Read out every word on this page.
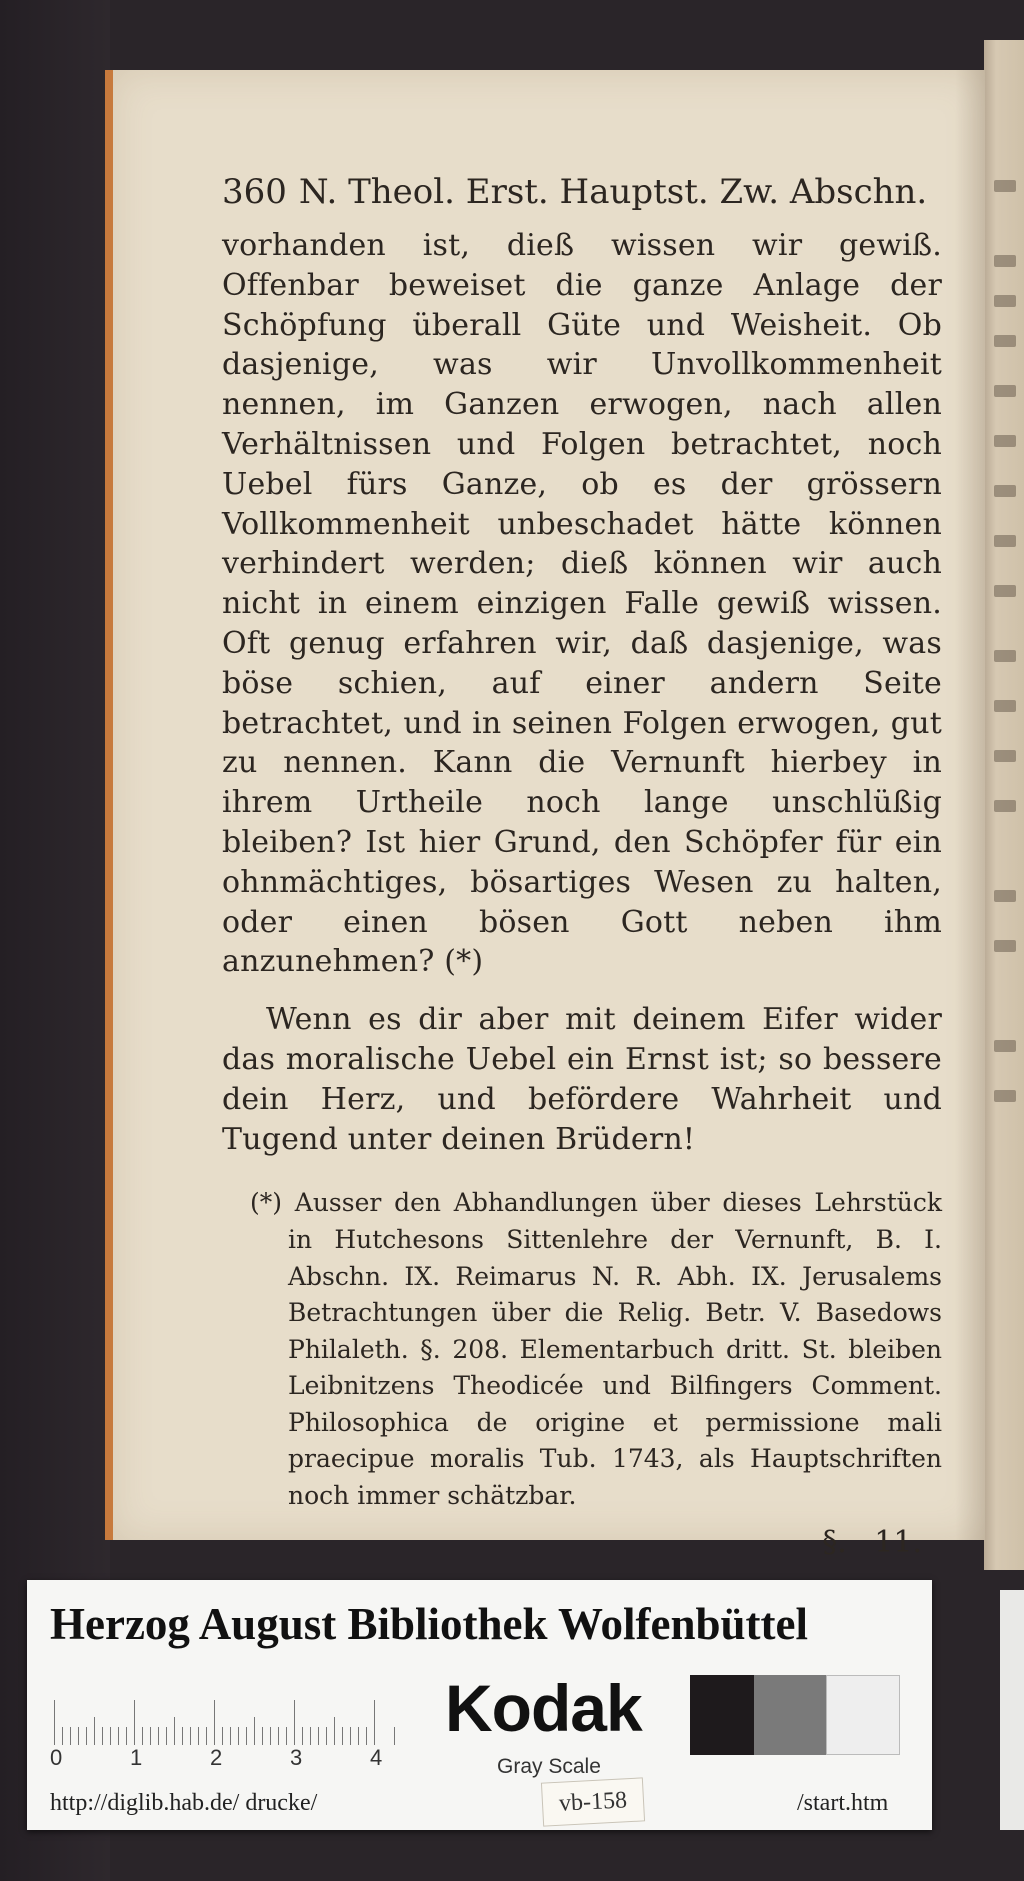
360 N. Theol. Erst. Hauptst. Zw. Abschn.
vorhanden ist, dieß wissen wir gewiß. Offenbar beweiset die ganze Anlage der Schöpfung überall Güte und Weisheit. Ob dasjenige, was wir Unvollkommenheit nennen, im Ganzen erwogen, nach allen Verhältnissen und Folgen betrachtet, noch Uebel fürs Ganze, ob es der grössern Vollkommenheit unbeschadet hätte können verhindert werden; dieß können wir auch nicht in einem einzigen Falle gewiß wissen. Oft genug erfahren wir, daß dasjenige, was böse schien, auf einer andern Seite betrachtet, und in seinen Folgen erwogen, gut zu nennen. Kann die Vernunft hierbey in ihrem Urtheile noch lange unschlüßig bleiben? Ist hier Grund, den Schöpfer für ein ohnmächtiges, bösartiges Wesen zu halten, oder einen bösen Gott neben ihm anzunehmen? (*)
Wenn es dir aber mit deinem Eifer wider das moralische Uebel ein Ernst ist; so bessere dein Herz, und befördere Wahrheit und Tugend unter deinen Brüdern!
(*) Ausser den Abhandlungen über dieses Lehrstück in Hutchesons Sittenlehre der Vernunft, B. I. Abschn. IX. Reimarus N. R. Abh. IX. Jerusalems Betrachtungen über die Relig. Betr. V. Basedows Philaleth. §. 208. Elementarbuch dritt. St. bleiben Leibnitzens Theodicée und Bilfingers Comment. Philosophica de origine et permissione mali praecipue moralis Tub. 1743, als Hauptschriften noch immer schätzbar.
§. 11.
Herzog August Bibliothek Wolfenbüttel
0	1	2	3	4
Kodak
Gray Scale
http://diglib.hab.de/ drucke/	vb-158	/start.htm
